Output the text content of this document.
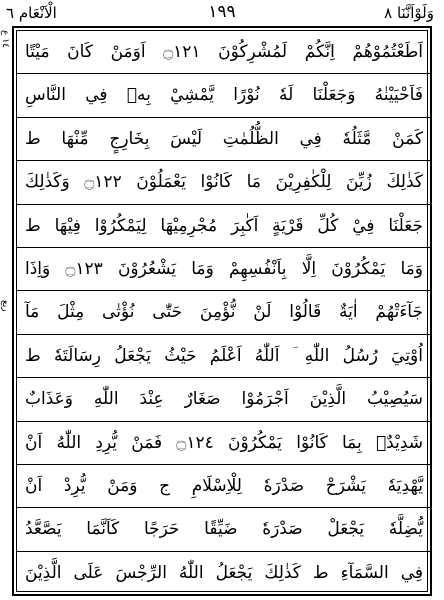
الْاَنْعَام ٦	١٩٩	وَلَوْاَنَّنَا ٨
١٤ ع
ربع
اَطَعْتُمُوْهُمْ اِنَّكُمْ لَمُشْرِكُوْنَ ۝١٢١ اَوَمَنْ كَانَ مَيْتًا
فَاَحْيَيْنٰهُ وَجَعَلْنَا لَهٗ نُوْرًا يَّمْشِيْ بِهٖ فِي النَّاسِ
كَمَنْ مَّثَلُهٗ فِي الظُّلُمٰتِ لَيْسَ بِخَارِجٍ مِّنْهَا ط
كَذٰلِكَ زُيِّنَ لِلْكٰفِرِيْنَ مَا كَانُوْا يَعْمَلُوْنَ ۝١٢٢ وَكَذٰلِكَ
جَعَلْنَا فِيْ كُلِّ قَرْيَةٍ اَكٰبِرَ مُجْرِمِيْهَا لِيَمْكُرُوْا فِيْهَا ط
وَمَا يَمْكُرُوْنَ اِلَّا بِاَنْفُسِهِمْ وَمَا يَشْعُرُوْنَ ۝١٢٣ وَاِذَا
جَآءَتْهُمْ اٰيَةٌ قَالُوْا لَنْ نُّؤْمِنَ حَتّٰى نُؤْتٰى مِثْلَ مَآ
اُوْتِيَ رُسُلُ اللّٰهِ ؔ اَللّٰهُ اَعْلَمُ حَيْثُ يَجْعَلُ رِسَالَتَهٗ ط
سَيُصِيْبُ الَّذِيْنَ اَجْرَمُوْا صَغَارٌ عِنْدَ اللّٰهِ وَعَذَابٌ
شَدِيْدٌۢ بِمَا كَانُوْا يَمْكُرُوْنَ ۝١٢٤ فَمَنْ يُّرِدِ اللّٰهُ اَنْ
يَّهْدِيَهٗ يَشْرَحْ صَدْرَهٗ لِلْاِسْلَامِ ج وَمَنْ يُّرِدْ اَنْ
يُّضِلَّهٗ يَجْعَلْ صَدْرَهٗ ضَيِّقًا حَرَجًا كَاَنَّمَا يَصَّعَّدُ
فِي السَّمَآءِ ط كَذٰلِكَ يَجْعَلُ اللّٰهُ الرِّجْسَ عَلَى الَّذِيْنَ
